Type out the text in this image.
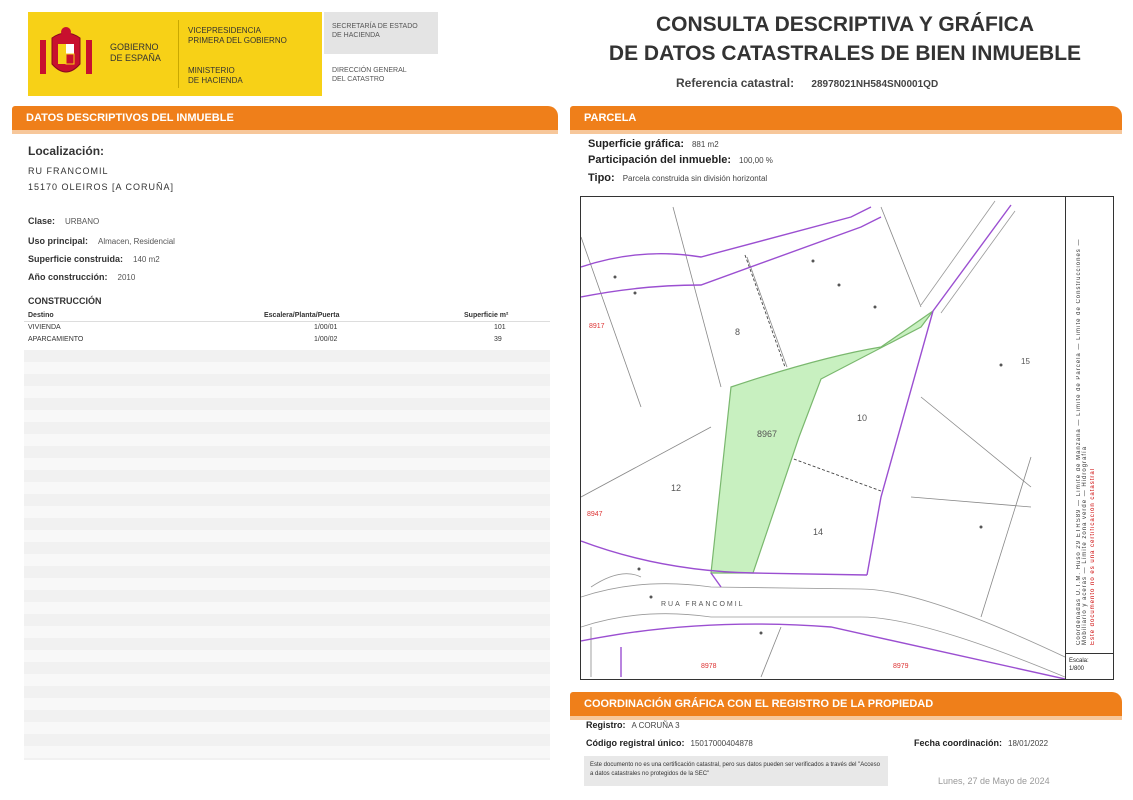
GOBIERNO
DE ESPAÑA
VICEPRESIDENCIA
PRIMERA DEL GOBIERNO
MINISTERIO
DE HACIENDA
SECRETARÍA DE ESTADO
DE HACIENDA
DIRECCIÓN GENERAL
DEL CATASTRO
CONSULTA DESCRIPTIVA Y GRÁFICA
DE DATOS CATASTRALES DE BIEN INMUEBLE
Referencia catastral: 28978021NH584SN0001QD
DATOS DESCRIPTIVOS DEL INMUEBLE
Localización:
RU FRANCOMIL
15170 OLEIROS [A CORUÑA]
Clase: URBANO
Uso principal: Almacen, Residencial
Superficie construida: 140 m2
Año construcción: 2010
CONSTRUCCIÓN
Destino	Escalera/Planta/Puerta	Superficie m²
VIVIENDA	1/00/01	101
APARCAMIENTO	1/00/02	39
PARCELA
Superficie gráfica: 881 m2
Participación del inmueble: 100,00 %
Tipo: Parcela construida sin división horizontal
8
10
12
14
15
8967
RUA FRANCOMIL
8917
8947
8978	8979
Coordenadas U.T.M. Huso 29 ETRS89 — Límite de Manzana — Límite de Parcela — Límite de Construcciones — Mobiliario y aceras — Límite zona verde — Hidrografía Este documento no es una certificación catastral
Escala:
1/800
COORDINACIÓN GRÁFICA CON EL REGISTRO DE LA PROPIEDAD
Registro: A CORUÑA 3
Código registral único: 15017000404878	Fecha coordinación: 18/01/2022
Este documento no es una certificación catastral, pero sus datos pueden ser verificados a través del "Acceso a datos catastrales no protegidos de la SEC"
Lunes, 27 de Mayo de 2024
